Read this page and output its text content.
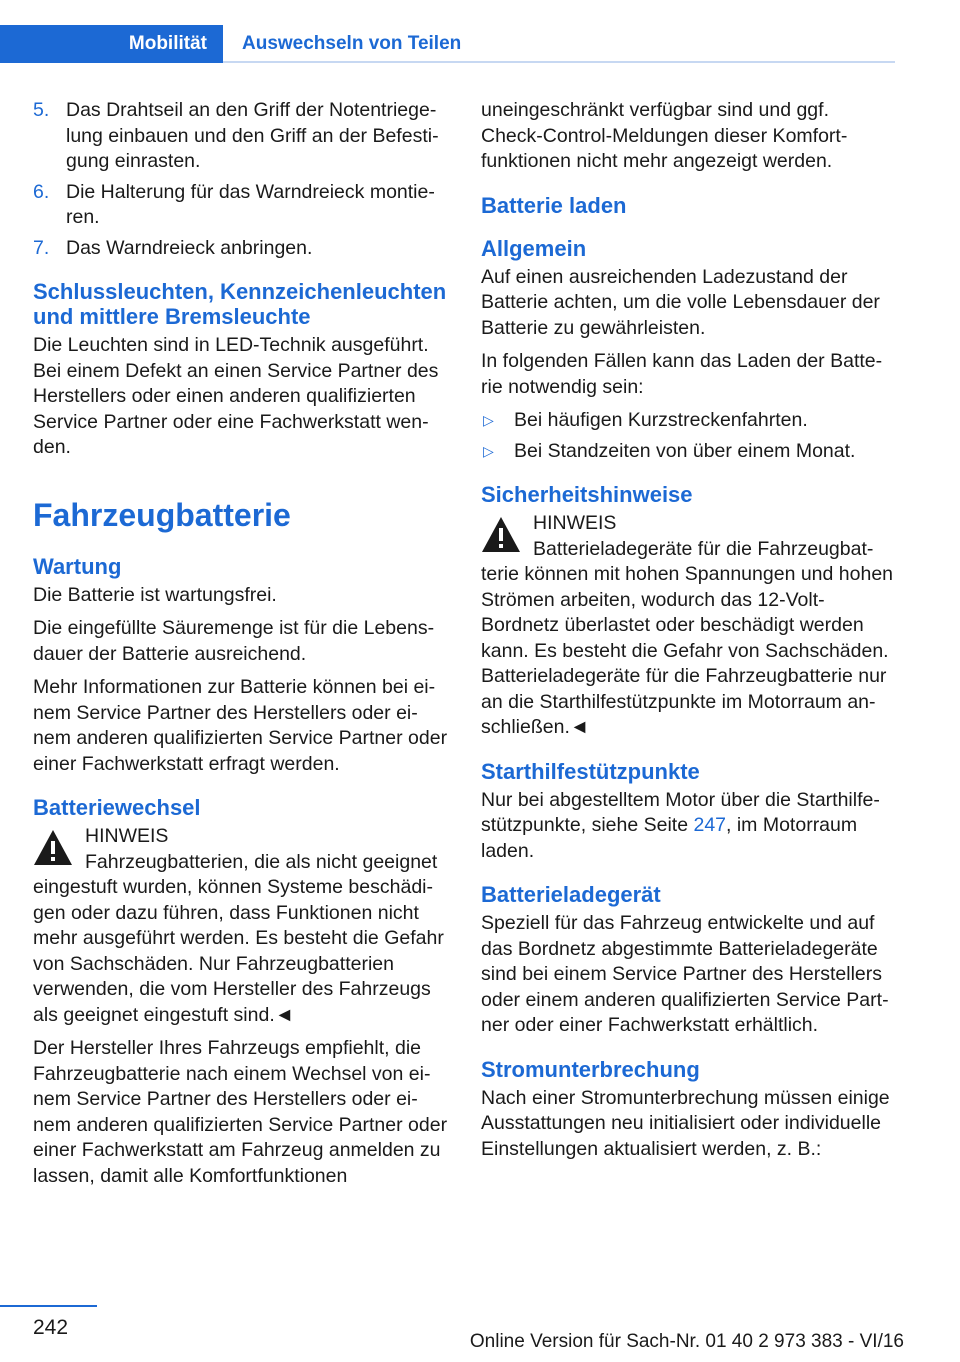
Mobilität	Auswechseln von Teilen
5. Das Drahtseil an den Griff der Notentriegelung einbauen und den Griff an der Befestigung einrasten.
6. Die Halterung für das Warndreieck montieren.
7. Das Warndreieck anbringen.
Schlussleuchten, Kennzeichenleuchten und mittlere Bremsleuchte

Die Leuchten sind in LED-Technik ausgeführt. Bei einem Defekt an einen Service Partner des Herstellers oder einen anderen qualifizierten Service Partner oder eine Fachwerkstatt wenden.

Fahrzeugbatterie
Wartung

Die Batterie ist wartungsfrei.

Die eingefüllte Säuremenge ist für die Lebensdauer der Batterie ausreichend.

Mehr Informationen zur Batterie können bei einem Service Partner des Herstellers oder einem anderen qualifizierten Service Partner oder einer Fachwerkstatt erfragt werden.

Batteriewechsel
HINWEIS
Fahrzeugbatterien, die als nicht geeignet eingestuft wurden, können Systeme beschädigen oder dazu führen, dass Funktionen nicht mehr ausgeführt werden. Es besteht die Gefahr von Sachschäden. Nur Fahrzeugbatterien verwenden, die vom Hersteller des Fahrzeugs als geeignet eingestuft sind.◄

Der Hersteller Ihres Fahrzeugs empfiehlt, die Fahrzeugbatterie nach einem Wechsel von einem Service Partner des Herstellers oder einem anderen qualifizierten Service Partner oder einer Fachwerkstatt am Fahrzeug anmelden zu lassen, damit alle Komfortfunktionen

uneingeschränkt verfügbar sind und ggf. Check-Control-Meldungen dieser Komfortfunktionen nicht mehr angezeigt werden.

Batterie laden
Allgemein

Auf einen ausreichenden Ladezustand der Batterie achten, um die volle Lebensdauer der Batterie zu gewährleisten.

In folgenden Fällen kann das Laden der Batterie notwendig sein:

▷ Bei häufigen Kurzstreckenfahrten.
▷ Bei Standzeiten von über einem Monat.
Sicherheitshinweise
HINWEIS
Batterieladegeräte für die Fahrzeugbatterie können mit hohen Spannungen und hohen Strömen arbeiten, wodurch das 12-Volt-Bordnetz überlastet oder beschädigt werden kann. Es besteht die Gefahr von Sachschäden. Batterieladegeräte für die Fahrzeugbatterie nur an die Starthilfestützpunkte im Motorraum anschließen.◄
Starthilfestützpunkte

Nur bei abgestelltem Motor über die Starthilfestützpunkte, siehe Seite 247, im Motorraum laden.

Batterieladegerät

Speziell für das Fahrzeug entwickelte und auf das Bordnetz abgestimmte Batterieladegeräte sind bei einem Service Partner des Herstellers oder einem anderen qualifizierten Service Partner oder einer Fachwerkstatt erhältlich.

Stromunterbrechung

Nach einer Stromunterbrechung müssen einige Ausstattungen neu initialisiert oder individuelle Einstellungen aktualisiert werden, z. B.:

242
Online Version für Sach-Nr. 01 40 2 973 383 - VI/16
